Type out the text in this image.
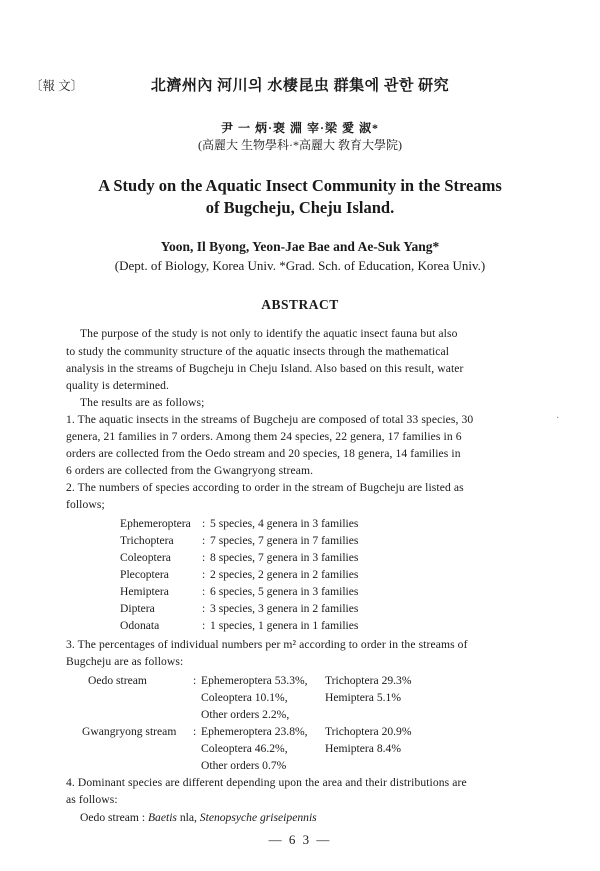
〔報 文〕	北濟州內 河川의 水棲昆虫 群集에 관한 研究
尹 一 炳·裵 淵 宰·梁 愛 淑*
(高麗大 生物學科·*高麗大 敎育大學院)
A Study on the Aquatic Insect Community in the Streams
of Bugcheju, Cheju Island.
Yoon, Il Byong, Yeon-Jae Bae and Ae-Suk Yang*
(Dept. of Biology, Korea Univ. *Grad. Sch. of Education, Korea Univ.)
ABSTRACT
The purpose of the study is not only to identify the aquatic insect fauna but also
to study the community structure of the aquatic insects through the mathematical
analysis in the streams of Bugcheju in Cheju Island. Also based on this result, water
quality is determined.
The results are as follows;
1. The aquatic insects in the streams of Bugcheju are composed of total 33 species, 30
genera, 21 families in 7 orders. Among them 24 species, 22 genera, 17 families in 6
orders are collected from the Oedo stream and 20 species, 18 genera, 14 families in
6 orders are collected from the Gwangryong stream.
2. The numbers of species according to order in the stream of Bugcheju are listed as
follows;
·
Ephemeroptera : 5 species, 4 genera in 3 families
Trichoptera : 7 species, 7 genera in 7 families
Coleoptera	: 8 species, 7 genera in 3 families
Plecoptera	: 2 species, 2 genera in 2 families
Hemiptera	: 6 species, 5 genera in 3 families
Diptera	: 3 species, 3 genera in 2 families
Odonata	: 1 species, 1 genera in 1 families
3. The percentages of individual numbers per m² according to order in the streams of
Bugcheju are as follows:
Oedo stream	: Ephemeroptera 53.3%, Trichoptera 29.3%
Coleoptera 10.1%,	Hemiptera 5.1%
Other orders 2.2%,
Gwangryong stream : Ephemeroptera 23.8%, Trichoptera 20.9%
Coleoptera 46.2%,	Hemiptera 8.4%
Other orders 0.7%
4. Dominant species are different depending upon the area and their distributions are
as follows:
Oedo stream : Baetis nla, Stenopsyche griseipennis
— 6 3 —
